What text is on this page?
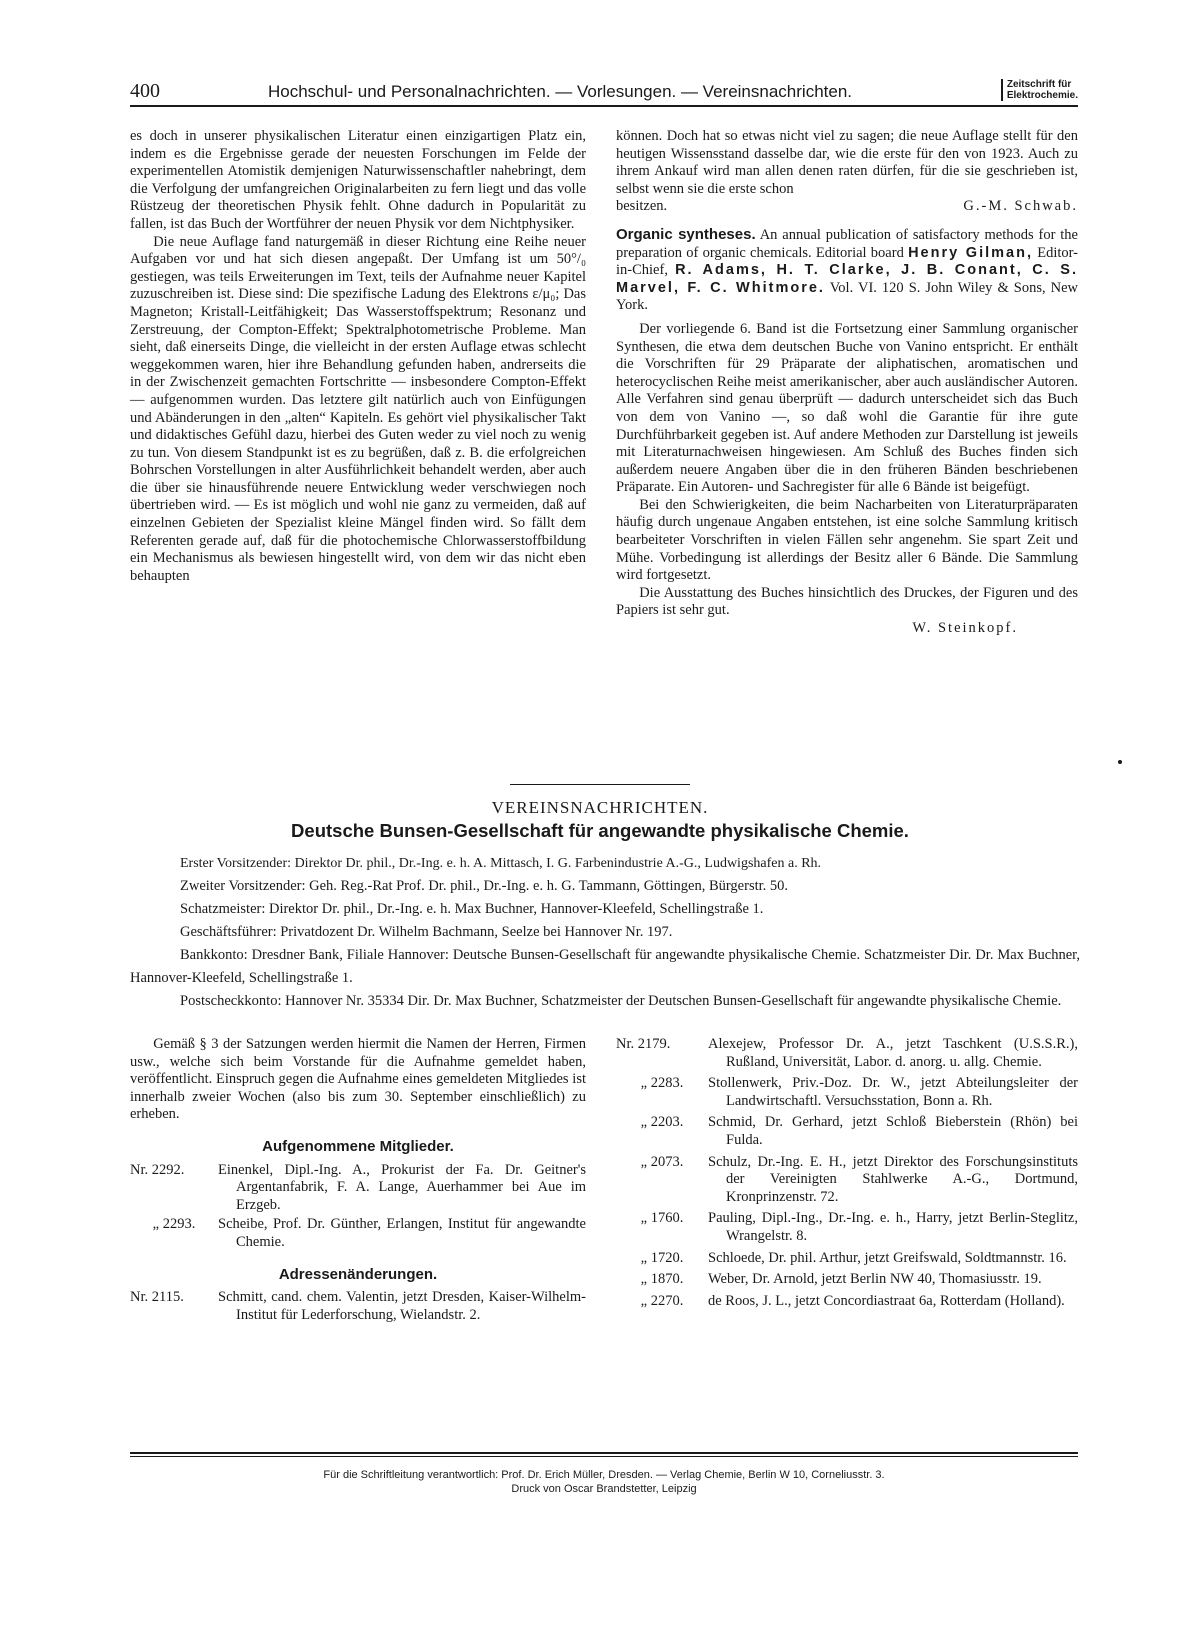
400	Hochschul- und Personalnachrichten. — Vorlesungen. — Vereinsnachrichten.	Zeitschrift für
Elektrochemie.

es doch in unserer physikalischen Literatur einen einzigartigen Platz ein, indem es die Ergebnisse gerade der neuesten Forschungen im Felde der experimentellen Atomistik demjenigen Naturwissenschaftler nahebringt, dem die Verfolgung der umfangreichen Originalarbeiten zu fern liegt und das volle Rüstzeug der theoretischen Physik fehlt. Ohne dadurch in Popularität zu fallen, ist das Buch der Wortführer der neuen Physik vor dem Nichtphysiker.

Die neue Auflage fand naturgemäß in dieser Richtung eine Reihe neuer Aufgaben vor und hat sich diesen angepaßt. Der Umfang ist um 50°/₀ gestiegen, was teils Erweiterungen im Text, teils der Aufnahme neuer Kapitel zuzuschreiben ist. Diese sind: Die spezifische Ladung des Elektrons ε/μ₀; Das Magneton; Kristall-Leitfähigkeit; Das Wasserstoffspektrum; Resonanz und Zerstreuung, der Compton-Effekt; Spektralphotometrische Probleme. Man sieht, daß einerseits Dinge, die vielleicht in der ersten Auflage etwas schlecht weggekommen waren, hier ihre Behandlung gefunden haben, andrerseits die in der Zwischenzeit gemachten Fortschritte — insbesondere Compton-Effekt — aufgenommen wurden. Das letztere gilt natürlich auch von Einfügungen und Abänderungen in den „alten“ Kapiteln. Es gehört viel physikalischer Takt und didaktisches Gefühl dazu, hierbei des Guten weder zu viel noch zu wenig zu tun. Von diesem Standpunkt ist es zu begrüßen, daß z. B. die erfolgreichen Bohrschen Vorstellungen in alter Ausführlichkeit behandelt werden, aber auch die über sie hinausführende neuere Entwicklung weder verschwiegen noch übertrieben wird. — Es ist möglich und wohl nie ganz zu vermeiden, daß auf einzelnen Gebieten der Spezialist kleine Mängel finden wird. So fällt dem Referenten gerade auf, daß für die photochemische Chlorwasserstoffbildung ein Mechanismus als bewiesen hingestellt wird, von dem wir das nicht eben behaupten

können. Doch hat so etwas nicht viel zu sagen; die neue Auflage stellt für den heutigen Wissensstand dasselbe dar, wie die erste für den von 1923. Auch zu ihrem Ankauf wird man allen denen raten dürfen, für die sie geschrieben ist, selbst wenn sie die erste schon

besitzen.	G.-M. Schwab.
Organic syntheses. An annual publication of satisfactory methods for the preparation of organic chemicals. Editorial board Henry Gilman, Editor-in-Chief, R. Adams, H. T. Clarke, J. B. Conant, C. S. Marvel, F. C. Whitmore. Vol. VI. 120 S. John Wiley & Sons, New York.

Der vorliegende 6. Band ist die Fortsetzung einer Sammlung organischer Synthesen, die etwa dem deutschen Buche von Vanino entspricht. Er enthält die Vorschriften für 29 Präparate der aliphatischen, aromatischen und heterocyclischen Reihe meist amerikanischer, aber auch ausländischer Autoren. Alle Verfahren sind genau überprüft — dadurch unterscheidet sich das Buch von dem von Vanino —, so daß wohl die Garantie für ihre gute Durchführbarkeit gegeben ist. Auf andere Methoden zur Darstellung ist jeweils mit Literaturnachweisen hingewiesen. Am Schluß des Buches finden sich außerdem neuere Angaben über die in den früheren Bänden beschriebenen Präparate. Ein Autoren- und Sachregister für alle 6 Bände ist beigefügt.

Bei den Schwierigkeiten, die beim Nacharbeiten von Literaturpräparaten häufig durch ungenaue Angaben entstehen, ist eine solche Sammlung kritisch bearbeiteter Vorschriften in vielen Fällen sehr angenehm. Sie spart Zeit und Mühe. Vorbedingung ist allerdings der Besitz aller 6 Bände. Die Sammlung wird fortgesetzt.

Die Ausstattung des Buches hinsichtlich des Druckes, der Figuren und des Papiers ist sehr gut.

W. Steinkopf.
VEREINSNACHRICHTEN.
Deutsche Bunsen-Gesellschaft für angewandte physikalische Chemie.

Erster Vorsitzender: Direktor Dr. phil., Dr.-Ing. e. h. A. Mittasch, I. G. Farbenindustrie A.-G., Ludwigshafen a. Rh.

Zweiter Vorsitzender: Geh. Reg.-Rat Prof. Dr. phil., Dr.-Ing. e. h. G. Tammann, Göttingen, Bürgerstr. 50.

Schatzmeister: Direktor Dr. phil., Dr.-Ing. e. h. Max Buchner, Hannover-Kleefeld, Schellingstraße 1.

Geschäftsführer: Privatdozent Dr. Wilhelm Bachmann, Seelze bei Hannover Nr. 197.

Bankkonto: Dresdner Bank, Filiale Hannover: Deutsche Bunsen-Gesellschaft für angewandte physikalische Chemie. Schatzmeister Dir. Dr. Max Buchner, Hannover-Kleefeld, Schellingstraße 1.

Postscheckkonto: Hannover Nr. 35334 Dir. Dr. Max Buchner, Schatzmeister der Deutschen Bunsen-Gesellschaft für angewandte physikalische Chemie.

Gemäß § 3 der Satzungen werden hiermit die Namen der Herren, Firmen usw., welche sich beim Vorstande für die Aufnahme gemeldet haben, veröffentlicht. Einspruch gegen die Aufnahme eines gemeldeten Mitgliedes ist innerhalb zweier Wochen (also bis zum 30. September einschließlich) zu erheben.

Aufgenommene Mitglieder.
Nr. 2292.	Einenkel, Dipl.-Ing. A., Prokurist der Fa. Dr. Geitner's Argentanfabrik, F. A. Lange, Auerhammer bei Aue im Erzgeb.
„ 2293.	Scheibe, Prof. Dr. Günther, Erlangen, Institut für angewandte Chemie.
Adressenänderungen.
Nr. 2115.	Schmitt, cand. chem. Valentin, jetzt Dresden, Kaiser-Wilhelm-Institut für Lederforschung, Wielandstr. 2.
Nr. 2179.	Alexejew, Professor Dr. A., jetzt Taschkent (U.S.S.R.), Rußland, Universität, Labor. d. anorg. u. allg. Chemie.
„ 2283.	Stollenwerk, Priv.-Doz. Dr. W., jetzt Abteilungsleiter der Landwirtschaftl. Versuchsstation, Bonn a. Rh.
„ 2203.	Schmid, Dr. Gerhard, jetzt Schloß Bieberstein (Rhön) bei Fulda.
„ 2073.	Schulz, Dr.-Ing. E. H., jetzt Direktor des Forschungsinstituts der Vereinigten Stahlwerke A.-G., Dortmund, Kronprinzenstr. 72.
„ 1760.	Pauling, Dipl.-Ing., Dr.-Ing. e. h., Harry, jetzt Berlin-Steglitz, Wrangelstr. 8.
„ 1720.	Schloede, Dr. phil. Arthur, jetzt Greifswald, Soldtmannstr. 16.
„ 1870.	Weber, Dr. Arnold, jetzt Berlin NW 40, Thomasiusstr. 19.
„ 2270.	de Roos, J. L., jetzt Concordiastraat 6a, Rotterdam (Holland).
Für die Schriftleitung verantwortlich: Prof. Dr. Erich Müller, Dresden. — Verlag Chemie, Berlin W 10, Corneliusstr. 3.
Druck von Oscar Brandstetter, Leipzig
